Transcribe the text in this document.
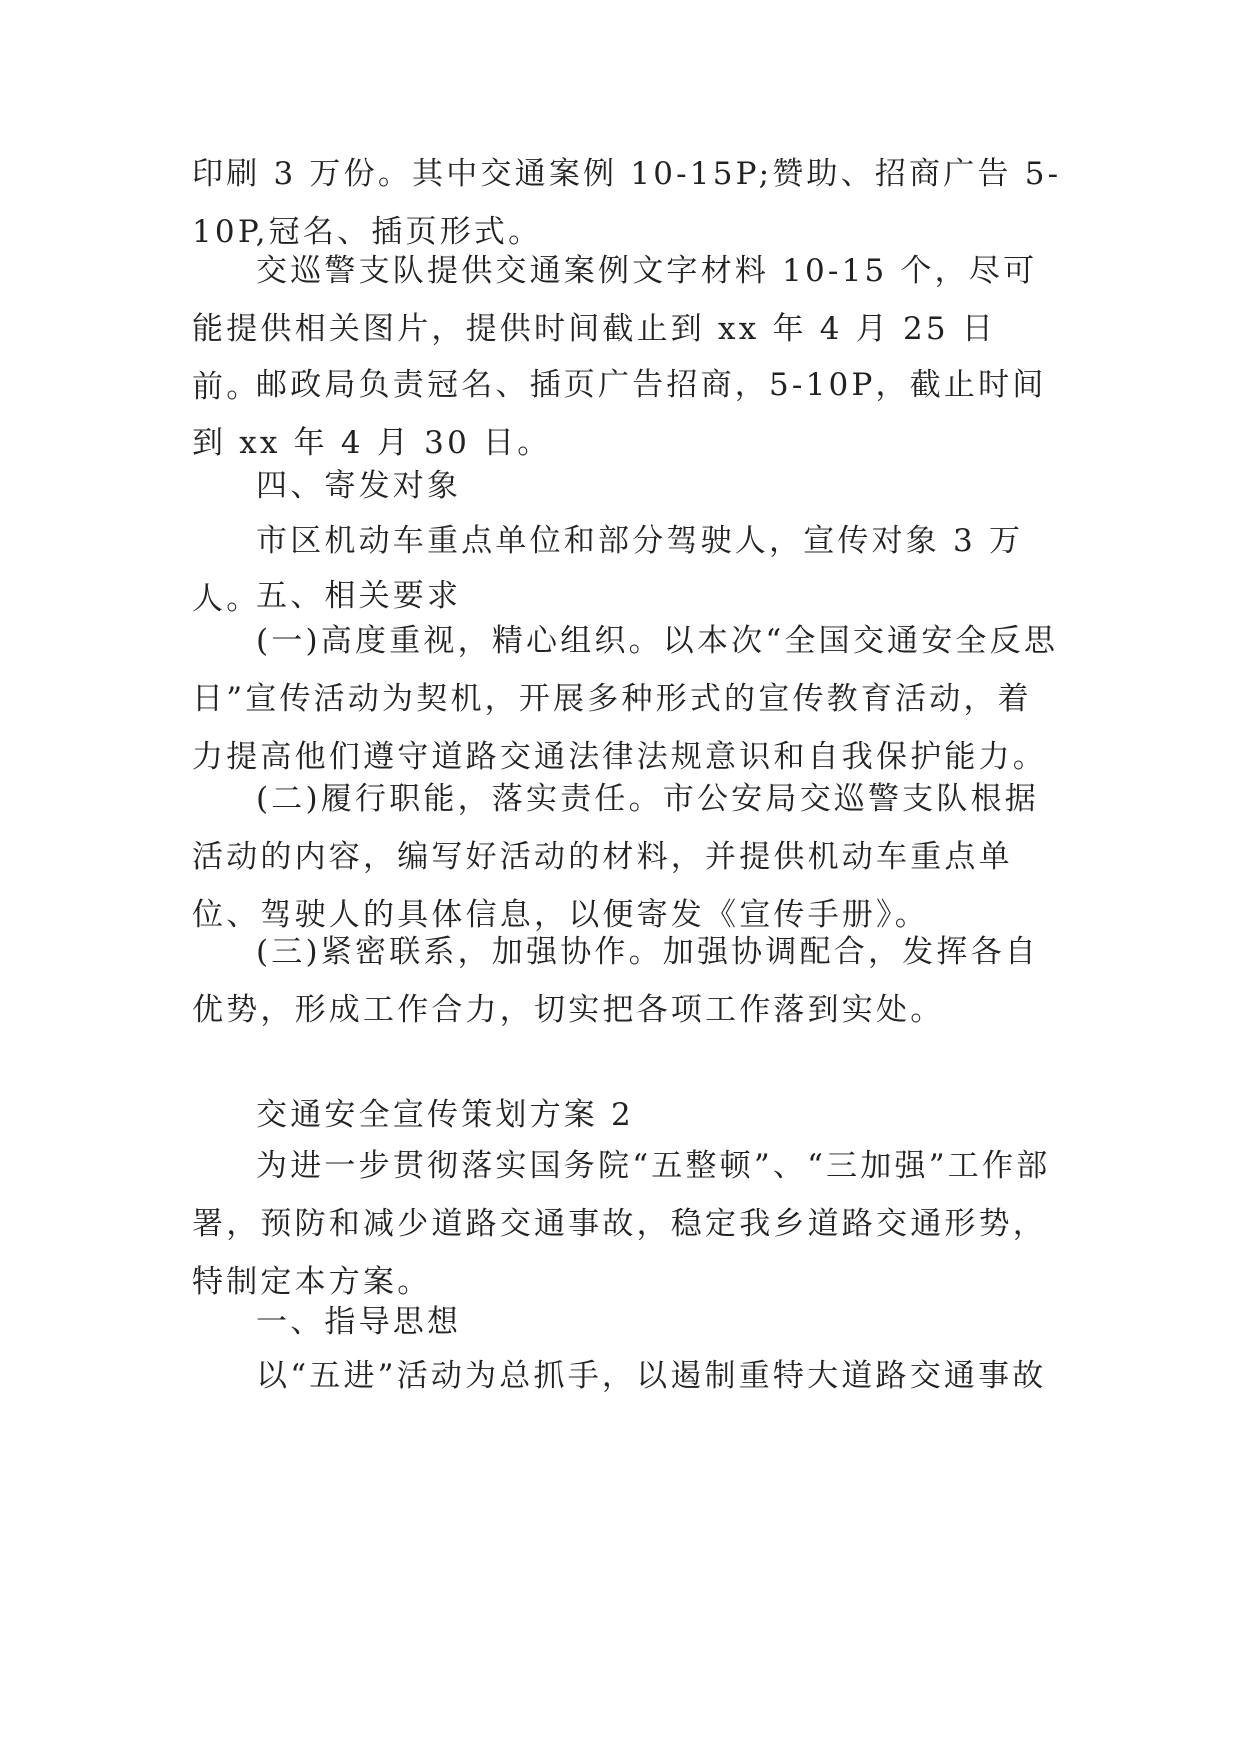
印刷 3 万份。其中交通案例 10-15P;赞助、招商广告 5-10P,冠名、插页形式。

交巡警支队提供交通案例文字材料 10-15 个，尽可能提供相关图片，提供时间截止到 xx 年 4 月 25 日前。

邮政局负责冠名、插页广告招商，5-10P，截止时间到 xx 年 4 月 30 日。

四、寄发对象

市区机动车重点单位和部分驾驶人，宣传对象 3 万人。

五、相关要求

(一)高度重视，精心组织。以本次“全国交通安全反思日”宣传活动为契机，开展多种形式的宣传教育活动，着力提高他们遵守道路交通法律法规意识和自我保护能力。

(二)履行职能，落实责任。市公安局交巡警支队根据活动的内容，编写好活动的材料，并提供机动车重点单位、驾驶人的具体信息，以便寄发《宣传手册》。

(三)紧密联系，加强协作。加强协调配合，发挥各自优势，形成工作合力，切实把各项工作落到实处。

交通安全宣传策划方案 2

为进一步贯彻落实国务院“五整顿”、“三加强”工作部署，预防和减少道路交通事故，稳定我乡道路交通形势，特制定本方案。

一、指导思想

以“五进”活动为总抓手，以遏制重特大道路交通事故
